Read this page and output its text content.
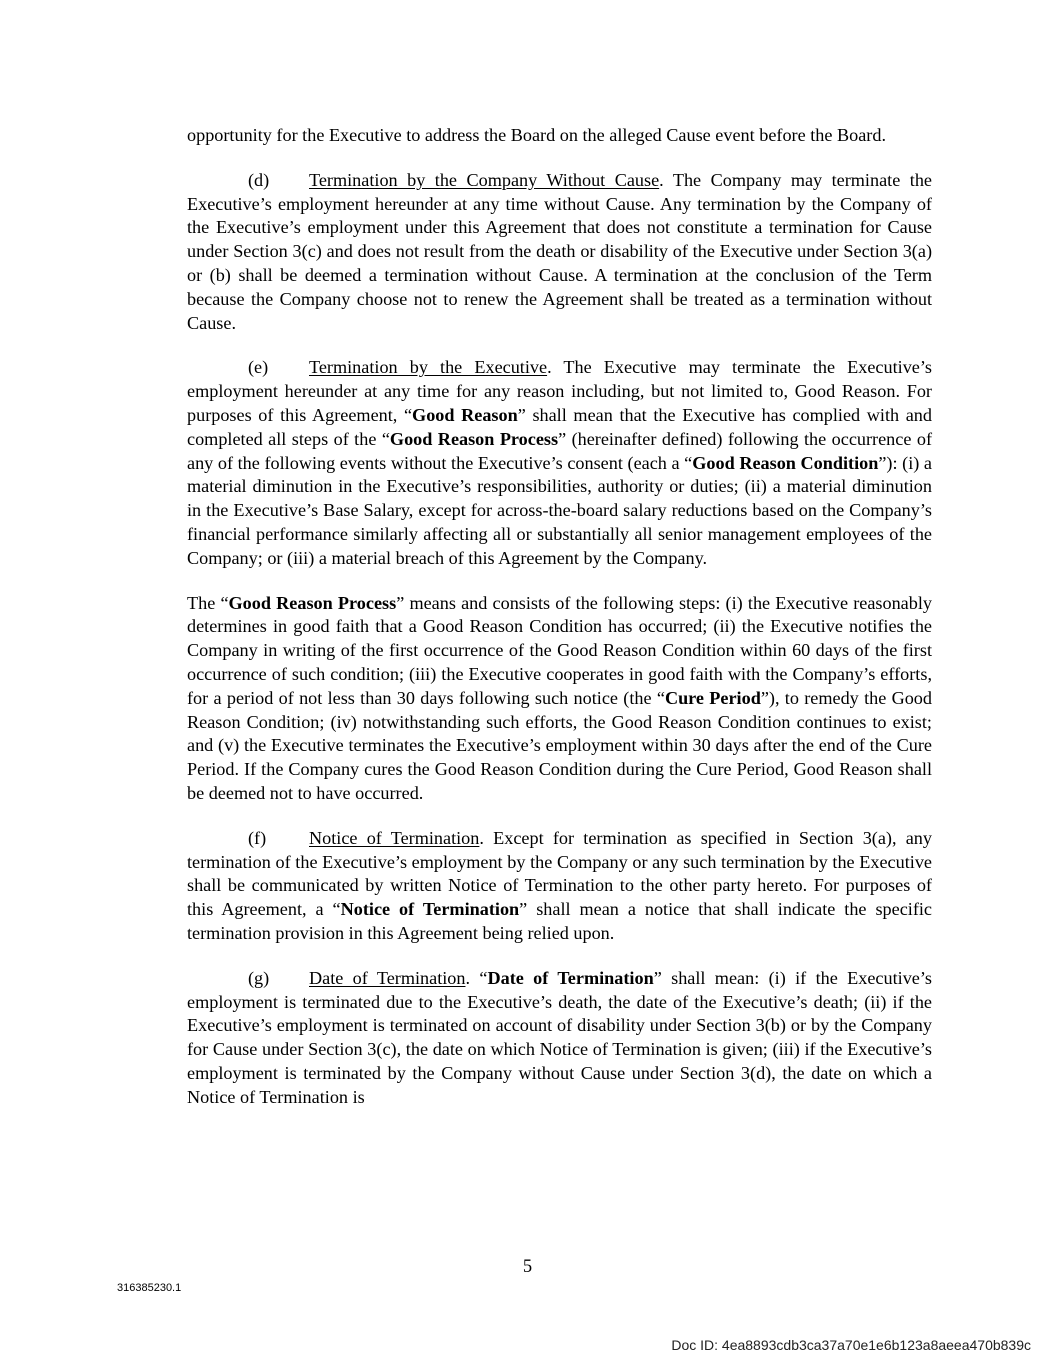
opportunity for the Executive to address the Board on the alleged Cause event before the Board.

(d) Termination by the Company Without Cause. The Company may terminate the Executive’s employment hereunder at any time without Cause. Any termination by the Company of the Executive’s employment under this Agreement that does not constitute a termination for Cause under Section 3(c) and does not result from the death or disability of the Executive under Section 3(a) or (b) shall be deemed a termination without Cause. A termination at the conclusion of the Term because the Company choose not to renew the Agreement shall be treated as a termination without Cause.

(e) Termination by the Executive. The Executive may terminate the Executive’s employment hereunder at any time for any reason including, but not limited to, Good Reason. For purposes of this Agreement, “Good Reason” shall mean that the Executive has complied with and completed all steps of the “Good Reason Process” (hereinafter defined) following the occurrence of any of the following events without the Executive’s consent (each a “Good Reason Condition”): (i) a material diminution in the Executive’s responsibilities, authority or duties; (ii) a material diminution in the Executive’s Base Salary, except for across-the-board salary reductions based on the Company’s financial performance similarly affecting all or substantially all senior management employees of the Company; or (iii) a material breach of this Agreement by the Company.

The “Good Reason Process” means and consists of the following steps: (i) the Executive reasonably determines in good faith that a Good Reason Condition has occurred; (ii) the Executive notifies the Company in writing of the first occurrence of the Good Reason Condition within 60 days of the first occurrence of such condition; (iii) the Executive cooperates in good faith with the Company’s efforts, for a period of not less than 30 days following such notice (the “Cure Period”), to remedy the Good Reason Condition; (iv) notwithstanding such efforts, the Good Reason Condition continues to exist; and (v) the Executive terminates the Executive’s employment within 30 days after the end of the Cure Period. If the Company cures the Good Reason Condition during the Cure Period, Good Reason shall be deemed not to have occurred.

(f) Notice of Termination. Except for termination as specified in Section 3(a), any termination of the Executive’s employment by the Company or any such termination by the Executive shall be communicated by written Notice of Termination to the other party hereto. For purposes of this Agreement, a “Notice of Termination” shall mean a notice that shall indicate the specific termination provision in this Agreement being relied upon.

(g) Date of Termination. “Date of Termination” shall mean: (i) if the Executive’s employment is terminated due to the Executive’s death, the date of the Executive’s death; (ii) if the Executive’s employment is terminated on account of disability under Section 3(b) or by the Company for Cause under Section 3(c), the date on which Notice of Termination is given; (iii) if the Executive’s employment is terminated by the Company without Cause under Section 3(d), the date on which a Notice of Termination is

5
316385230.1
Doc ID: 4ea8893cdb3ca37a70e1e6b123a8aeea470b839c
